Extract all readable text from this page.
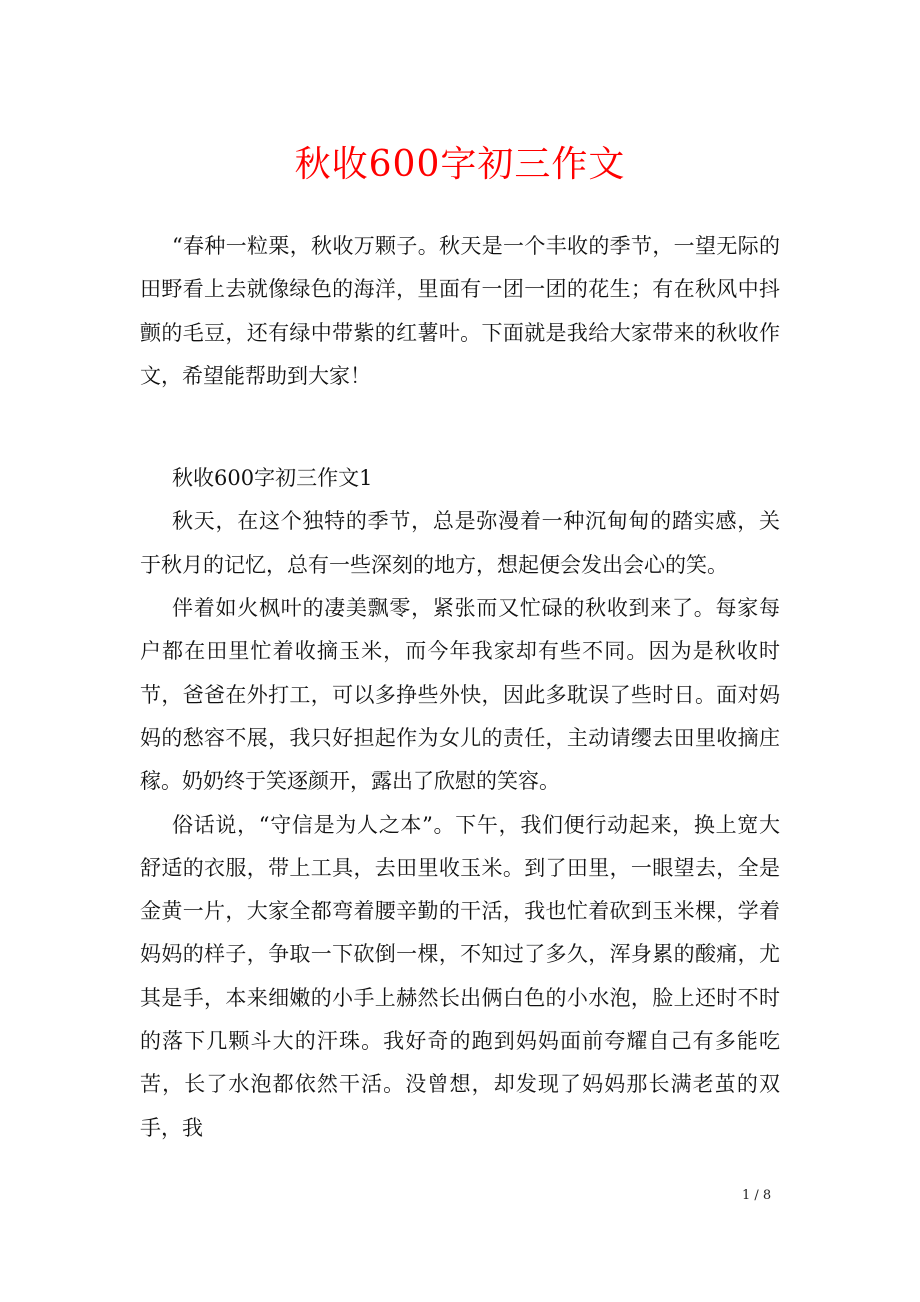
秋收600字初三作文

“春种一粒栗，秋收万颗子。秋天是一个丰收的季节，一望无际的田野看上去就像绿色的海洋，里面有一团一团的花生；有在秋风中抖颤的毛豆，还有绿中带紫的红薯叶。下面就是我给大家带来的秋收作文，希望能帮助到大家！

秋收600字初三作文1

秋天，在这个独特的季节，总是弥漫着一种沉甸甸的踏实感，关于秋月的记忆，总有一些深刻的地方，想起便会发出会心的笑。

伴着如火枫叶的凄美飘零，紧张而又忙碌的秋收到来了。每家每户都在田里忙着收摘玉米，而今年我家却有些不同。因为是秋收时节，爸爸在外打工，可以多挣些外快，因此多耽误了些时日。面对妈妈的愁容不展，我只好担起作为女儿的责任，主动请缨去田里收摘庄稼。奶奶终于笑逐颜开，露出了欣慰的笑容。

俗话说，“守信是为人之本”。下午，我们便行动起来，换上宽大舒适的衣服，带上工具，去田里收玉米。到了田里，一眼望去，全是金黄一片，大家全都弯着腰辛勤的干活，我也忙着砍到玉米棵，学着妈妈的样子，争取一下砍倒一棵，不知过了多久，浑身累的酸痛，尤其是手，本来细嫩的小手上赫然长出俩白色的小水泡，脸上还时不时的落下几颗斗大的汗珠。我好奇的跑到妈妈面前夸耀自己有多能吃苦，长了水泡都依然干活。没曾想，却发现了妈妈那长满老茧的双手，我

1 / 8
